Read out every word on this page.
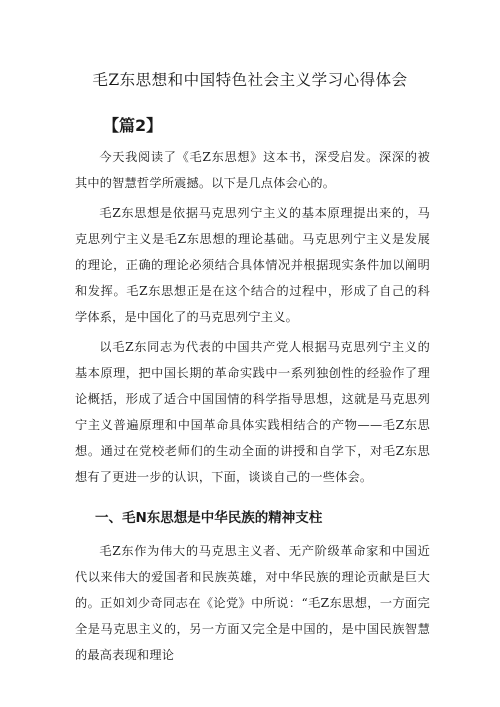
毛Z东思想和中国特色社会主义学习心得体会
【篇2】

今天我阅读了《毛Z东思想》这本书，深受启发。深深的被其中的智慧哲学所震撼。以下是几点体会心的。

毛Z东思想是依据马克思列宁主义的基本原理提出来的，马克思列宁主义是毛Z东思想的理论基础。马克思列宁主义是发展的理论，正确的理论必须结合具体情况并根据现实条件加以阐明和发挥。毛Z东思想正是在这个结合的过程中，形成了自己的科学体系，是中国化了的马克思列宁主义。

以毛Z东同志为代表的中国共产党人根据马克思列宁主义的基本原理，把中国长期的革命实践中一系列独创性的经验作了理论概括，形成了适合中国国情的科学指导思想，这就是马克思列宁主义普遍原理和中国革命具体实践相结合的产物——毛Z东思想。通过在党校老师们的生动全面的讲授和自学下，对毛Z东思想有了更进一步的认识，下面，谈谈自己的一些体会。

一、毛N东思想是中华民族的精神支柱

毛Z东作为伟大的马克思主义者、无产阶级革命家和中国近代以来伟大的爱国者和民族英雄，对中华民族的理论贡献是巨大的。正如刘少奇同志在《论党》中所说：“毛Z东思想，一方面完全是马克思主义的，另一方面又完全是中国的，是中国民族智慧的最高表现和理论
